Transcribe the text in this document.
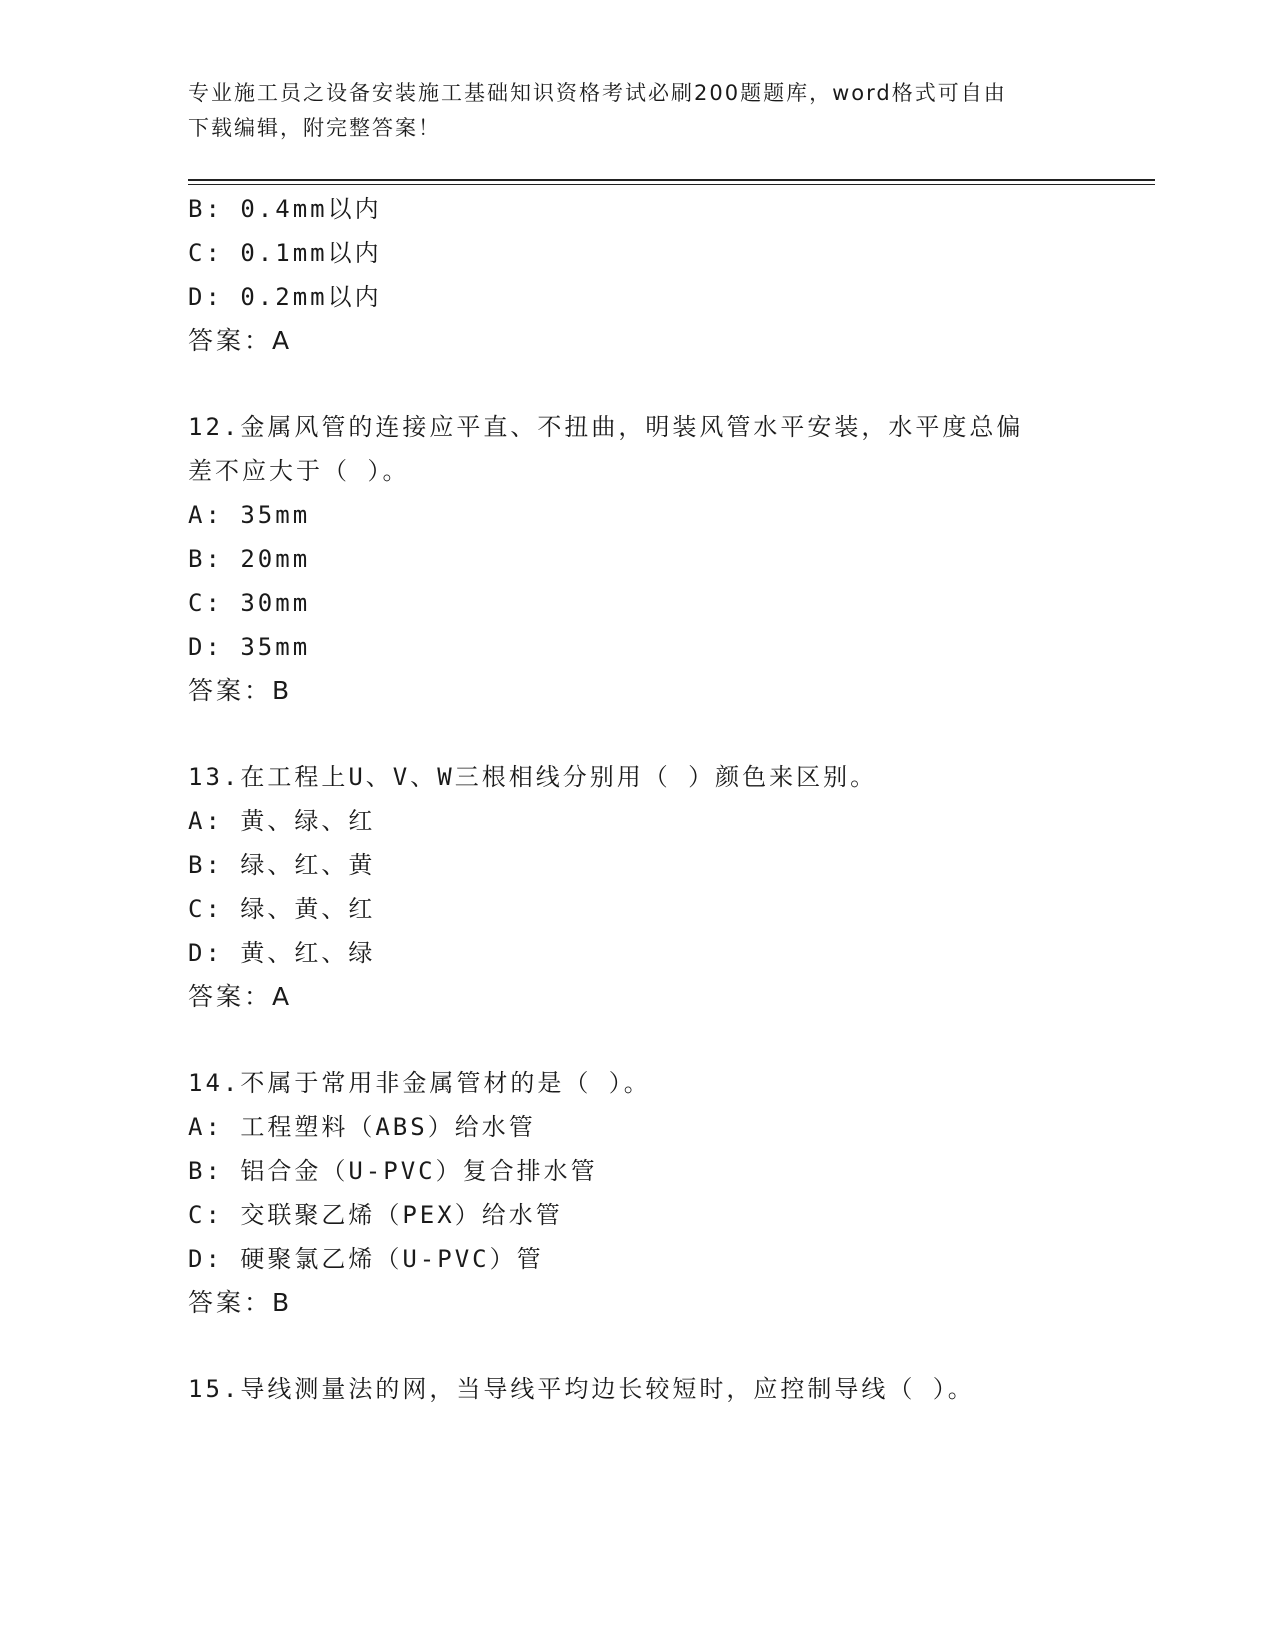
专业施工员之设备安装施工基础知识资格考试必刷200题题库，word格式可自由
下载编辑，附完整答案！
B: 0.4mm以内
C: 0.1mm以内
D: 0.2mm以内
答案：A
12.金属风管的连接应平直、不扭曲，明装风管水平安装，水平度总偏
差不应大于（ ）。
A: 35mm
B: 20mm
C: 30mm
D: 35mm
答案：B
13.在工程上U、V、W三根相线分别用（ ）颜色来区别。
A: 黄、绿、红
B: 绿、红、黄
C: 绿、黄、红
D: 黄、红、绿
答案：A
14.不属于常用非金属管材的是（ ）。
A: 工程塑料（ABS）给水管
B: 铝合金（U-PVC）复合排水管
C: 交联聚乙烯（PEX）给水管
D: 硬聚氯乙烯（U-PVC）管
答案：B
15.导线测量法的网，当导线平均边长较短时，应控制导线（ ）。
